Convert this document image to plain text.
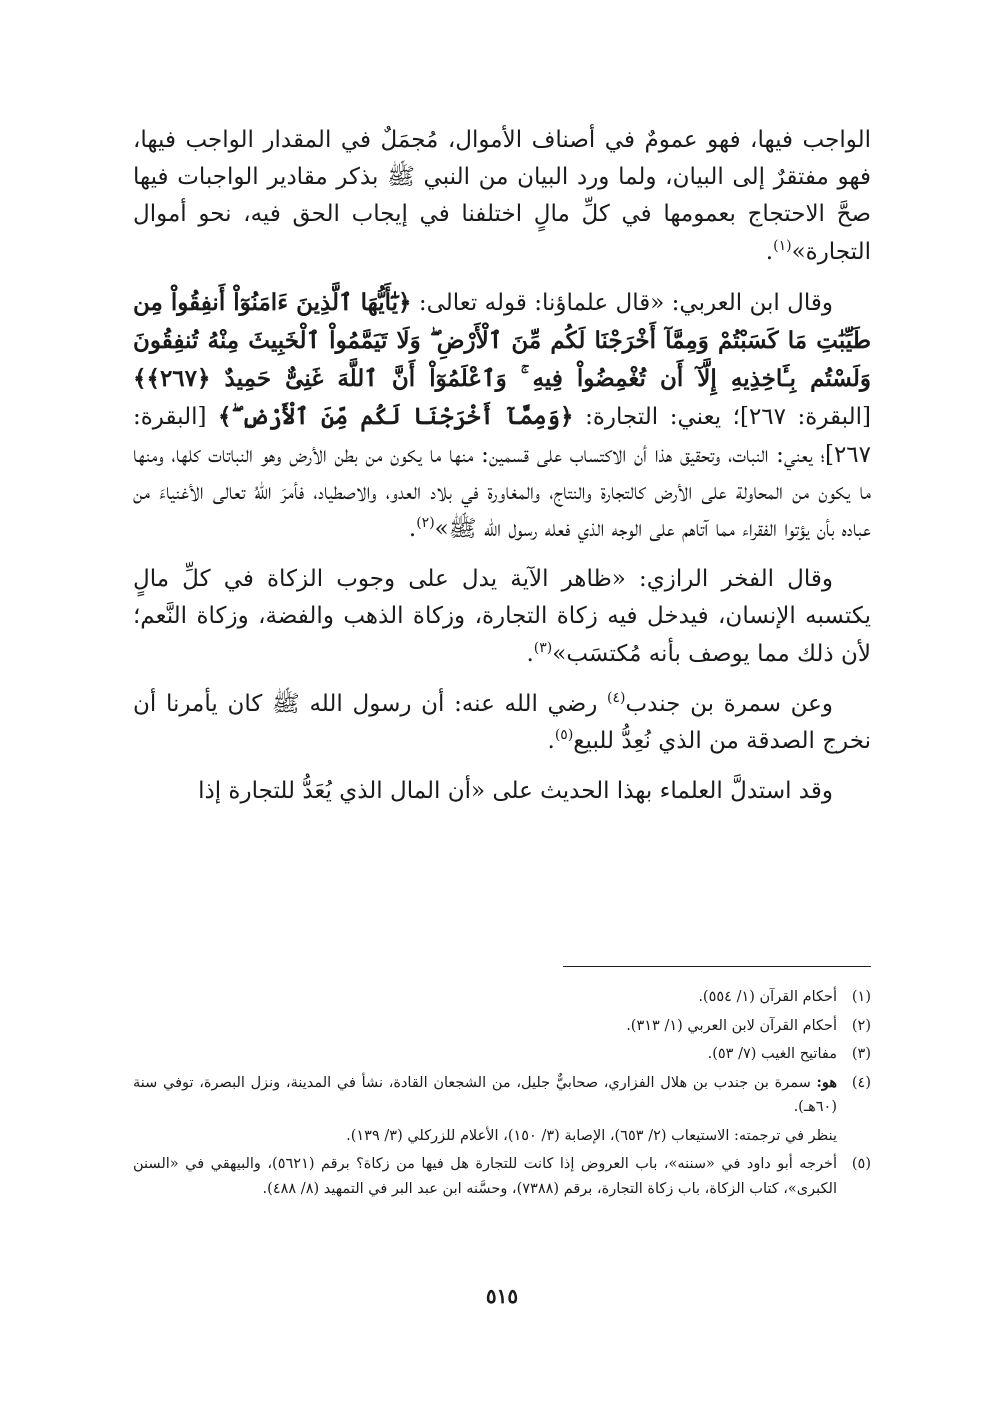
الواجب فيها، فهو عمومٌ في أصناف الأموال، مُجمَلٌ في المقدار الواجب فيها، فهو مفتقرٌ إلى البيان، ولما ورد البيان من النبي ﷺ بذكر مقادير الواجبات فيها صحَّ الاحتجاج بعمومها في كلِّ مالٍ اختلفنا في إيجاب الحق فيه، نحو أموال التجارة»$^{(١)}$.

وقال ابن العربي: «قال علماؤنا: قوله تعالى: ﴿يَٰٓأَيُّهَا ٱلَّذِينَ ءَامَنُوٓاْ أَنفِقُواْ مِن طَيِّبَٰتِ مَا كَسَبْتُمْ وَمِمَّآ أَخْرَجْنَا لَكُم مِّنَ ٱلْأَرْضِ ۖ وَلَا تَيَمَّمُواْ ٱلْخَبِيثَ مِنْهُ تُنفِقُونَ وَلَسْتُم بِـَٔاخِذِيهِ إِلَّآ أَن تُغْمِضُواْ فِيهِ ۚ وَٱعْلَمُوٓاْ أَنَّ ٱللَّهَ غَنِىٌّ حَمِيدٌ ﴿٢٦٧﴾﴾ [البقرة: ٢٦٧]؛ يعني: التجارة: ﴿وَمِمَّآ أَخْرَجْنَا لَكُم مِّنَ ٱلْأَرْضِ ۖ﴾ [البقرة: ٢٦٧]؛ يعني: النبات، وتحقيق هذا أن الاكتساب على قسمين: منها ما يكون من بطن الأرض وهو النباتات كلها، ومنها ما يكون من المحاولة على الأرض كالتجارة والنتاج، والمغاورة في بلاد العدو، والاصطياد، فأمرَ اللهُ تعالى الأغنياءَ من عباده بأن يؤتوا الفقراء مما آتاهم على الوجه الذي فعله رسول الله ﷺ»$^{(٢)}$.

وقال الفخر الرازي: «ظاهر الآية يدل على وجوب الزكاة في كلِّ مالٍ يكتسبه الإنسان، فيدخل فيه زكاة التجارة، وزكاة الذهب والفضة، وزكاة النَّعم؛ لأن ذلك مما يوصف بأنه مُكتسَب»$^{(٣)}$.

وعن سمرة بن جندب$^{(٤)}$ رضي الله عنه: أن رسول الله ﷺ كان يأمرنا أن نخرج الصدقة من الذي نُعِدُّ للبيع$^{(٥)}$.

وقد استدلَّ العلماء بهذا الحديث على «أن المال الذي يُعَدُّ للتجارة إذا

(١)
أحكام القرآن (١/ ٥٥٤).
(٢)
أحكام القرآن لابن العربي (١/ ٣١٣).
(٣)
مفاتيح الغيب (٧/ ٥٣).
(٤)
هو: سمرة بن جندب بن هلال الفزاري، صحابيٌّ جليل، من الشجعان القادة، نشأ في المدينة، ونزل البصرة، توفي سنة (٦٠هـ).
ينظر في ترجمته: الاستيعاب (٢/ ٦٥٣)، الإصابة (٣/ ١٥٠)، الأعلام للزركلي (٣/ ١٣٩).
(٥)
أخرجه أبو داود في «سننه»، باب العروض إذا كانت للتجارة هل فيها من زكاة؟ برقم (٥٦٢١)، والبيهقي في «السنن الكبرى»، كتاب الزكاة، باب زكاة التجارة، برقم (٧٣٨٨)، وحسَّنه ابن عبد البر في التمهيد (٨/ ٤٨٨).
٥١٥
